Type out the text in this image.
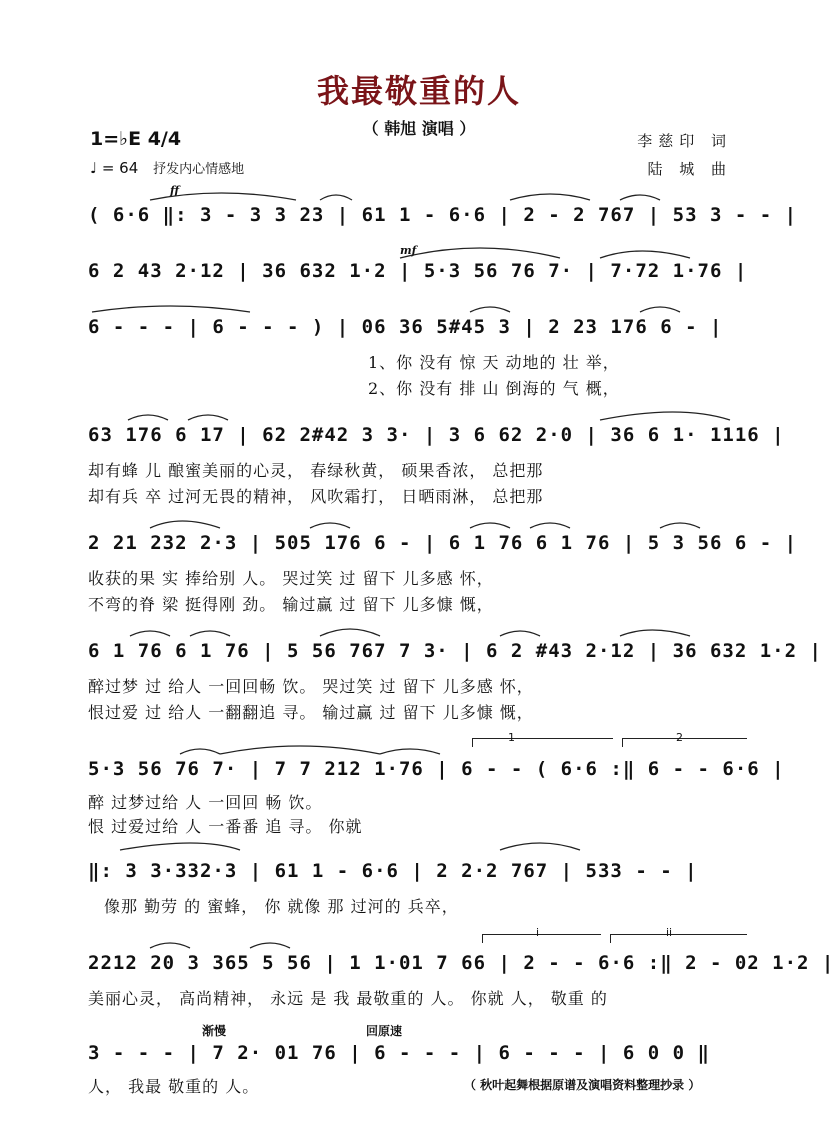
我最敬重的人
（ 韩旭 演唱 ）
1=♭E 4/4
♩ = 64 抒发内心情感地
李慈印 词
陆 城 曲
ff
mf
( 6·6 ‖: 3 - 3 3 23 | 61 1 - 6·6 | 2 - 2 767 | 53 3 - - |
6 2 43 2·12 | 36 632 1·2 | 5·3 56 76 7· | 7·72 1·76 |
6 - - - | 6 - - - ) | 06 36 5#45 3 | 2 23 176 6 - |
1、你 没有 惊 天 动地的 壮 举，
2、你 没有 排 山 倒海的 气 概，
63 176 6 17 | 62 2#42 3 3· | 3 6 62 2·0 | 36 6 1· 1116 |
却有蜂 儿 酿蜜美丽的心灵， 春绿秋黄， 硕果香浓， 总把那
却有兵 卒 过河无畏的精神， 风吹霜打， 日晒雨淋， 总把那
2 21 232 2·3 | 505 176 6 - | 6 1 76 6 1 76 | 5 3 56 6 - |
收获的果 实 捧给别 人。 哭过笑 过 留下 儿多感 怀，
不弯的脊 梁 挺得刚 劲。 输过赢 过 留下 儿多慷 慨，
6 1 76 6 1 76 | 5 56 767 7 3· | 6 2 #43 2·12 | 36 632 1·2 |
醉过梦 过 给人 一回回畅 饮。 哭过笑 过 留下 儿多感 怀，
恨过爱 过 给人 一翻翻追 寻。 输过赢 过 留下 儿多慷 慨，
1	2
5·3 56 76 7· | 7 7 212 1·76 | 6 - - ( 6·6 :‖ 6 - - 6·6 |
醉 过梦过给 人 一回回 畅 饮。
恨 过爱过给 人 一番番 追 寻。 你就
‖: 3 3·332·3 | 61 1 - 6·6 | 2 2·2 767 | 533 - - |
像那 勤劳 的 蜜蜂， 你 就像 那 过河的 兵卒，
i	ii
2212 20 3 365 5 56 | 1 1·01 7 66 | 2 - - 6·6 :‖ 2 - 02 1·2 |
美丽心灵， 高尚精神， 永远 是 我 最敬重的 人。 你就 人， 敬重 的
渐慢	回原速
3 - - - | 7 2· 01 76 | 6 - - - | 6 - - - | 6 0 0 ‖
人， 我最 敬重的 人。	（ 秋叶起舞根据原谱及演唱资料整理抄录 ）
